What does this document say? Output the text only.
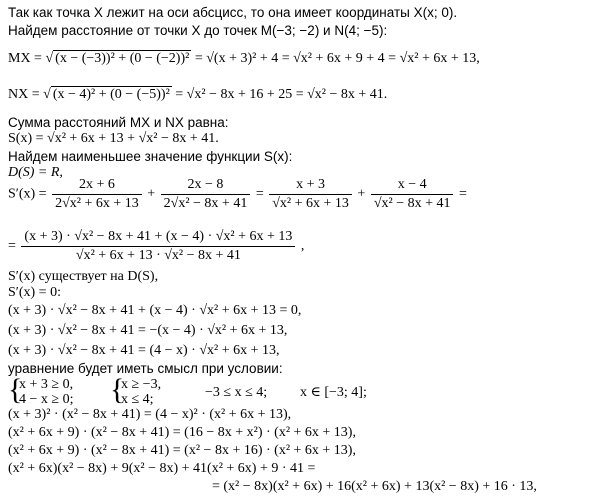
Так как точка X лежит на оси абсцисс, то она имеет координаты X(x; 0).
Найдем расстояние от точки X до точек M(−3; −2) и N(4; −5):
MX = √ (x − (−3))² + (0 − (−2))² = √(x + 3)² + 4 = √x² + 6x + 9 + 4 = √x² + 6x + 13,
NX = √ (x − 4)² + (0 − (−5))² = √x² − 8x + 16 + 25 = √x² − 8x + 41.
Сумма расстояний MX и NX равна:
S(x) = √x² + 6x + 13 + √x² − 8x + 41.
Найдем наименьшее значение функции S(x):
D(S) = R,
$S'(x) = \frac{2x + 6}{\text{2√x² + 6x + 13}} + \frac{2x - 8}{\text{2√x² − 8x + 41}} = \frac{x + 3}{\text{√x² + 6x + 13}} + \frac{x - 4}{\text{√x² − 8x + 41}}$ =
= $\frac{\text{(x + 3) · √x² − 8x + 41 + (x − 4) · √x² + 6x + 13}}{\text{√x² + 6x + 13 · √x² − 8x + 41}}$ ,
S′(x) существует на D(S),
S′(x) = 0:
(x + 3) · √x² − 8x + 41 + (x − 4) · √x² + 6x + 13 = 0,
(x + 3) · √x² − 8x + 41 = −(x − 4) · √x² + 6x + 13,
(x + 3) · √x² − 8x + 41 = (4 − x) · √x² + 6x + 13,
уравнение будет иметь смысл при условии:
{
x + 3 ≥ 0,
4 − x ≥ 0; {
x ≥ −3,
x ≤ 4;	−3 ≤ x ≤ 4; x ∈ [−3; 4];
(x + 3)² · (x² − 8x + 41) = (4 − x)² · (x² + 6x + 13),
(x² + 6x + 9) · (x² − 8x + 41) = (16 − 8x + x²) · (x² + 6x + 13),
(x² + 6x + 9) · (x² − 8x + 41) = (x² − 8x + 16) · (x² + 6x + 13),
(x² + 6x)(x² − 8x) + 9(x² − 8x) + 41(x² + 6x) + 9 · 41 =
= (x² − 8x)(x² + 6x) + 16(x² + 6x) + 13(x² − 8x) + 16 · 13,
